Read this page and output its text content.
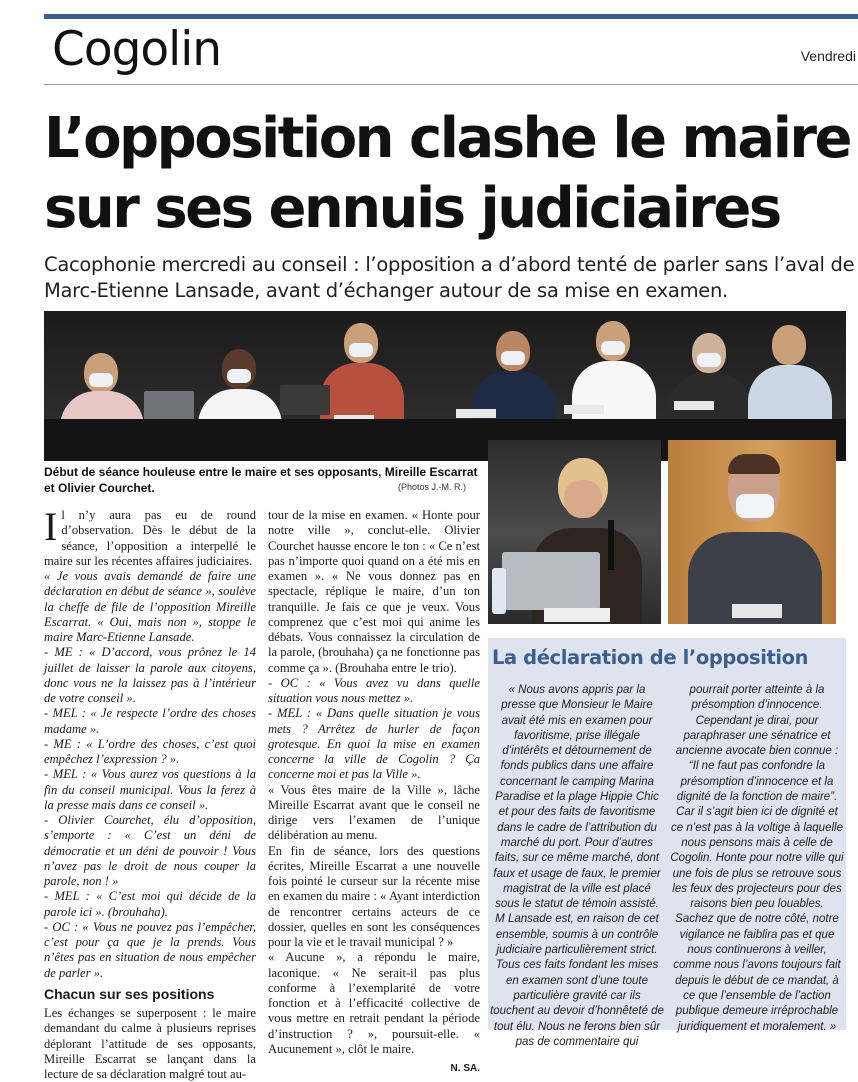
Cogolin	Vendredi
L’opposition clashe le maire
sur ses ennuis judiciaires
Cacophonie mercredi au conseil : l’opposition a d’abord tenté de parler sans l’aval de Marc-Etienne Lansade, avant d’échanger autour de sa mise en examen.
Début de séance houleuse entre le maire et ses opposants, Mireille Escarrat et Olivier Courchet.	(Photos J.-M. R.)

Il n’y aura pas eu de round d’observation. Dès le début de la séance, l’opposition a interpellé le maire sur les récentes affaires judiciaires.

« Je vous avais demandé de faire une déclaration en début de séance », soulève la cheffe de file de l’opposition Mireille Escarrat. « Oui, mais non », stoppe le maire Marc-Etienne Lansade.

- ME : « D’accord, vous prônez le 14 juillet de laisser la parole aux citoyens, donc vous ne la laissez pas à l’intérieur de votre conseil ».

- MEL : « Je respecte l’ordre des choses madame ».

- ME : « L’ordre des choses, c’est quoi empêchez l’expression ? ».

- MEL : « Vous aurez vos questions à la fin du conseil municipal. Vous la ferez à la presse mais dans ce conseil ».

- Olivier Courchet, élu d’opposition, s’emporte : « C’est un déni de démocratie et un déni de pouvoir ! Vous n’avez pas le droit de nous couper la parole, non ! »

- MEL : « C’est moi qui décide de la parole ici ». (brouhaha).

- OC : « Vous ne pouvez pas l’empêcher, c’est pour ça que je la prends. Vous n’êtes pas en situation de nous empêcher de parler ».

Chacun sur ses positions

Les échanges se superposent : le maire demandant du calme à plusieurs reprises déplorant l’attitude de ses opposants, Mireille Escarrat se lançant dans la lecture de sa déclaration malgré tout au-

tour de la mise en examen. « Honte pour notre ville », conclut-elle. Olivier Courchet hausse encore le ton : « Ce n’est pas n’importe quoi quand on a été mis en examen ». « Ne vous donnez pas en spectacle, réplique le maire, d’un ton tranquille. Je fais ce que je veux. Vous comprenez que c’est moi qui anime les débats. Vous connaissez la circulation de la parole, (brouhaha) ça ne fonctionne pas comme ça ». (Brouhaha entre le trio).

- OC : « Vous avez vu dans quelle situation vous nous mettez ».

- MEL : « Dans quelle situation je vous mets ? Arrêtez de hurler de façon grotesque. En quoi la mise en examen concerne la ville de Cogolin ? Ça concerne moi et pas la Ville ».

« Vous êtes maire de la Ville », lâche Mireille Escarrat avant que le conseil ne dirige vers l’examen de l’unique délibération au menu.

En fin de séance, lors des questions écrites, Mireille Escarrat a une nouvelle fois pointé le curseur sur la récente mise en examen du maire : « Ayant interdiction de rencontrer certains acteurs de ce dossier, quelles en sont les conséquences pour la vie et le travail municipal ? »

« Aucune », a répondu le maire, laconique. « Ne serait-il pas plus conforme à l’exemplarité de votre fonction et à l’efficacité collective de vous mettre en retrait pendant la période d’instruction ? », poursuit-elle. « Aucunement », clôt le maire.

N. SA.
La déclaration de l’opposition
« Nous avons appris par la presse que Monsieur le Maire avait été mis en examen pour favoritisme, prise illégale d’intérêts et détournement de fonds publics dans une affaire concernant le camping Marina Paradise et la plage Hippie Chic et pour des faits de favoritisme dans le cadre de l’attribution du marché du port. Pour d’autres faits, sur ce même marché, dont faux et usage de faux, le premier magistrat de la ville est placé sous le statut de témoin assisté. M Lansade est, en raison de cet ensemble, soumis à un contrôle judiciaire particulièrement strict. Tous ces faits fondant les mises en examen sont d’une toute particulière gravité car ils touchent au devoir d’honnêteté de tout élu. Nous ne ferons bien sûr pas de commentaire qui
pourrait porter atteinte à la présomption d’innocence. Cependant je dirai, pour paraphraser une sénatrice et ancienne avocate bien connue : “Il ne faut pas confondre la présomption d’innocence et la dignité de la fonction de maire”. Car il s’agit bien ici de dignité et ce n’est pas à la voltige à laquelle nous pensons mais à celle de Cogolin. Honte pour notre ville qui une fois de plus se retrouve sous les feux des projecteurs pour des raisons bien peu louables. Sachez que de notre côté, notre vigilance ne faiblira pas et que nous continuerons à veiller, comme nous l’avons toujours fait depuis le début de ce mandat, à ce que l’ensemble de l’action publique demeure irréprochable juridiquement et moralement. »
